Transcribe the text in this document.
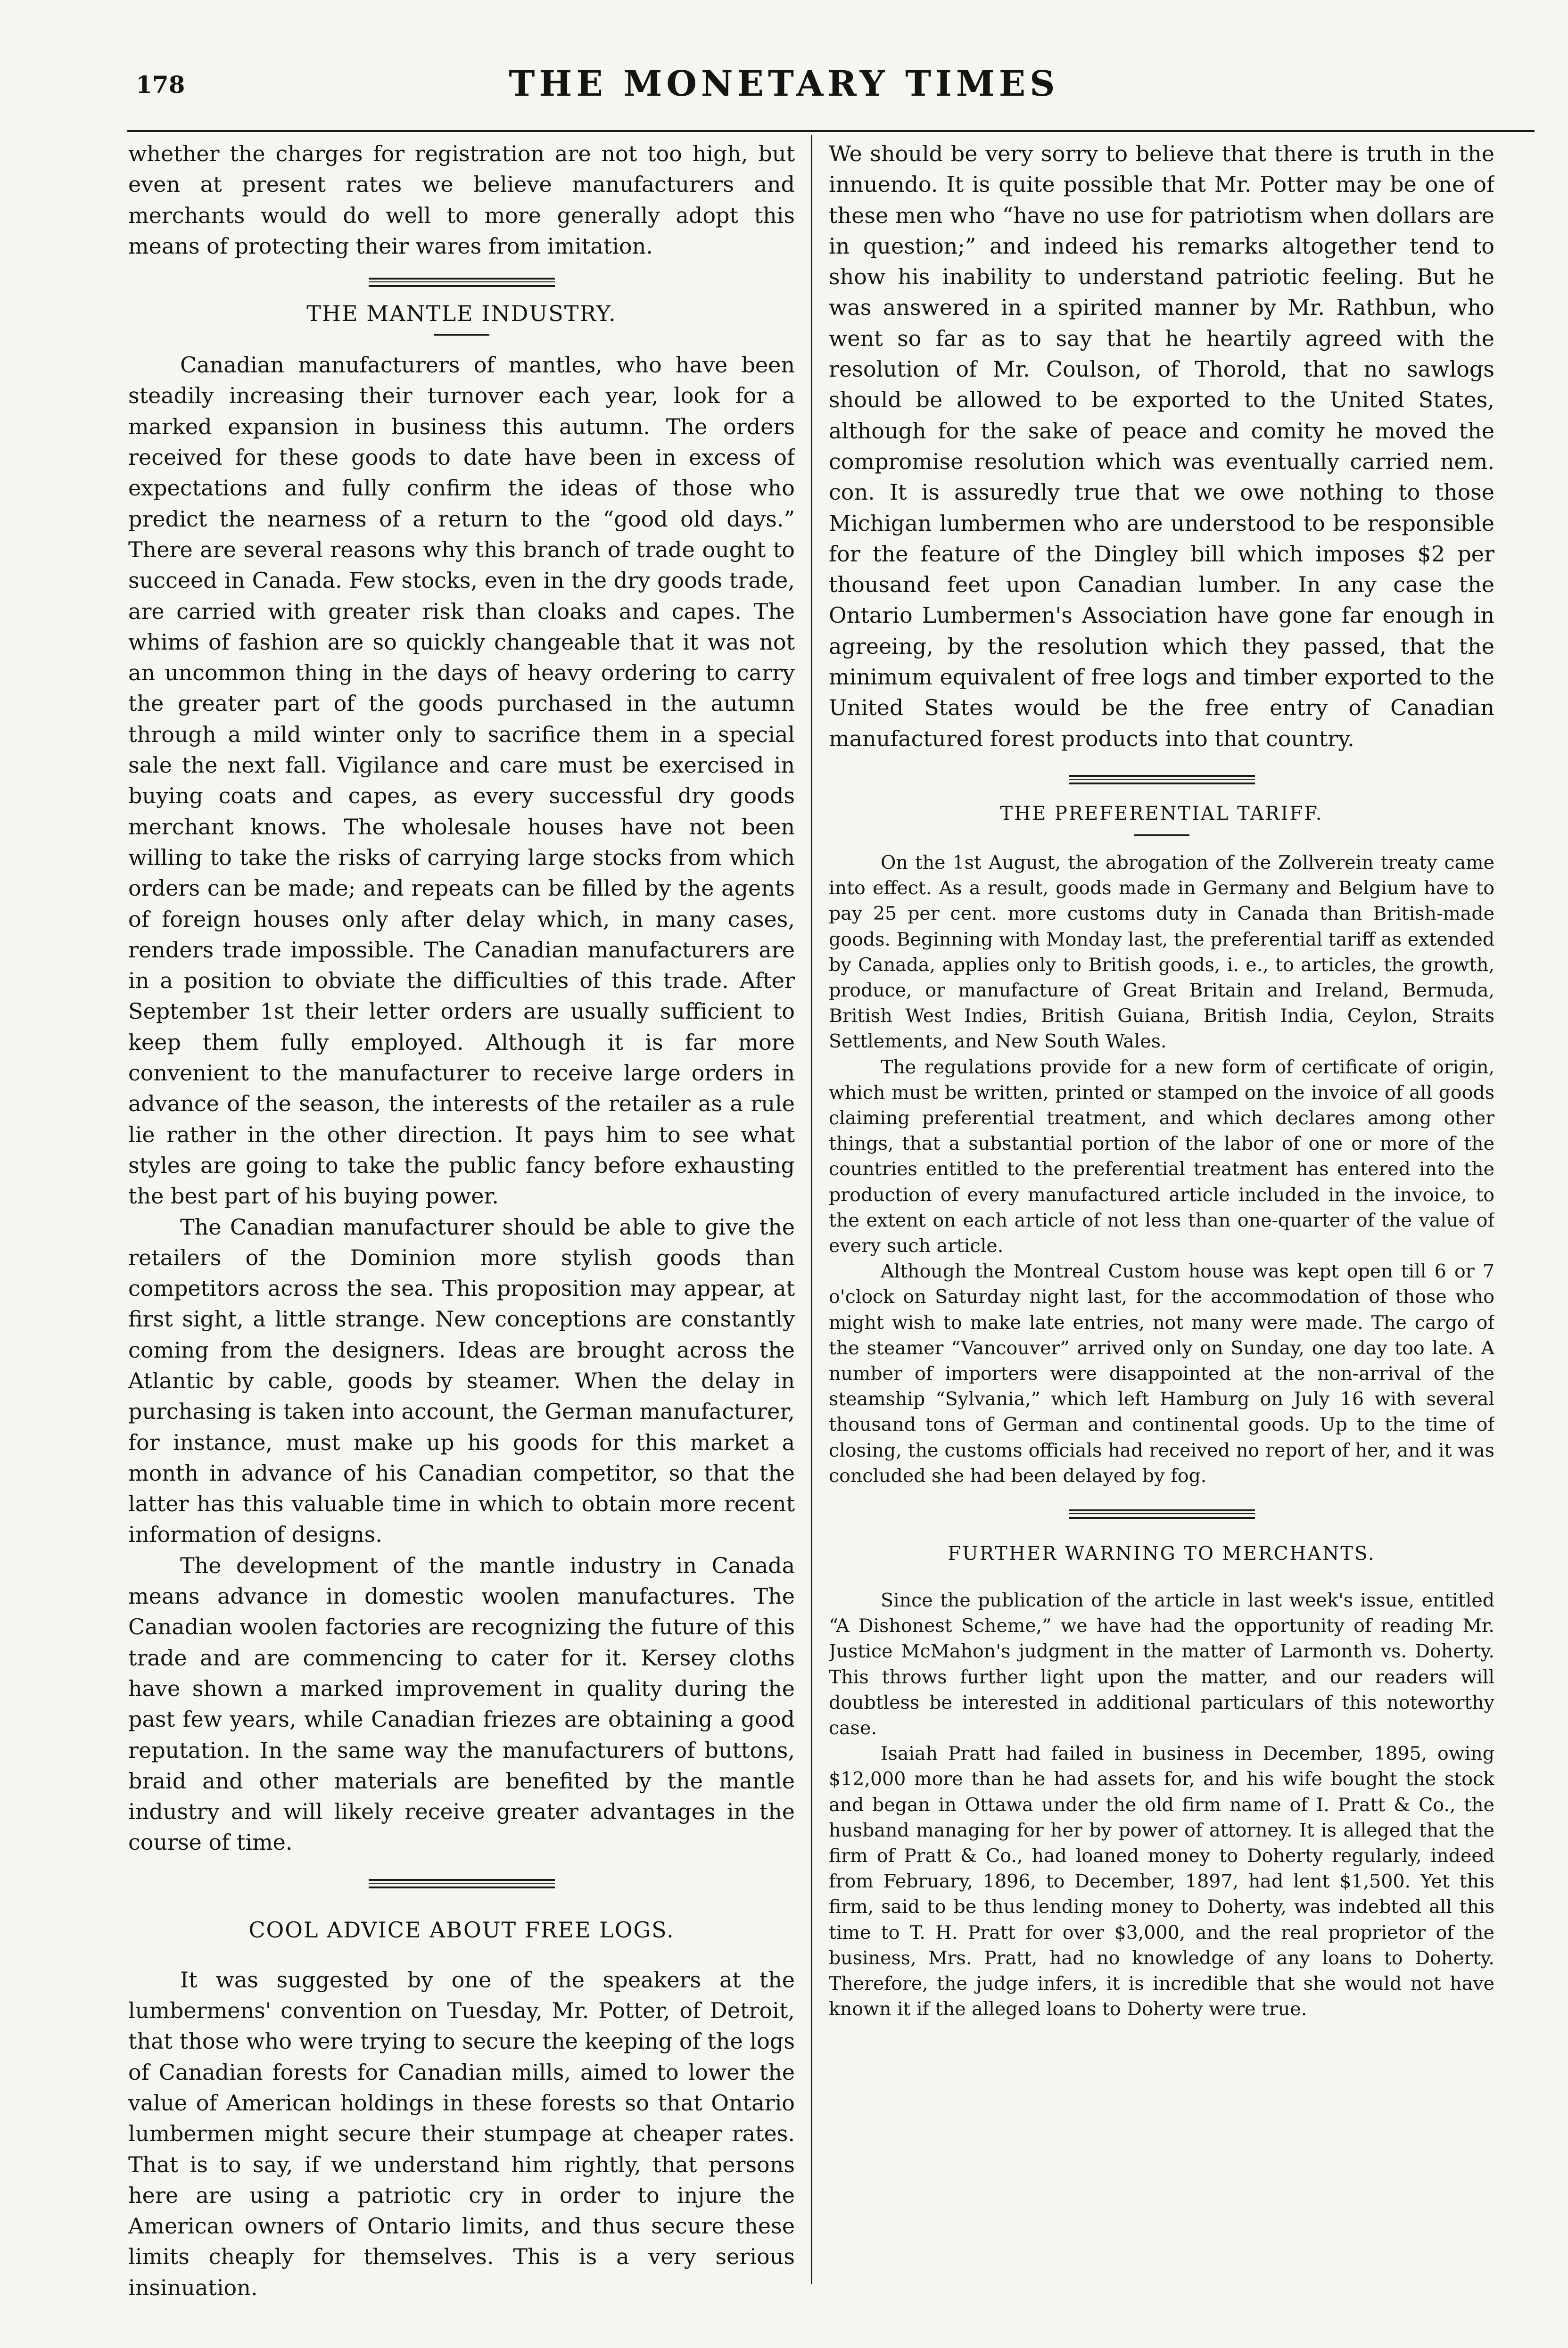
178	THE MONETARY TIMES

whether the charges for registration are not too high, but even at present rates we believe manufacturers and merchants would do well to more generally adopt this means of protecting their wares from imitation.

THE MANTLE INDUSTRY.

Canadian manufacturers of mantles, who have been steadily increasing their turnover each year, look for a marked expansion in business this autumn. The orders received for these goods to date have been in excess of expectations and fully confirm the ideas of those who predict the nearness of a return to the “good old days.” There are several reasons why this branch of trade ought to succeed in Canada. Few stocks, even in the dry goods trade, are carried with greater risk than cloaks and capes. The whims of fashion are so quickly changeable that it was not an uncommon thing in the days of heavy ordering to carry the greater part of the goods purchased in the autumn through a mild winter only to sacrifice them in a special sale the next fall. Vigilance and care must be exercised in buying coats and capes, as every successful dry goods merchant knows. The wholesale houses have not been willing to take the risks of carrying large stocks from which orders can be made; and repeats can be filled by the agents of foreign houses only after delay which, in many cases, renders trade impossible. The Canadian manufacturers are in a position to obviate the difficulties of this trade. After September 1st their letter orders are usually sufficient to keep them fully employed. Although it is far more convenient to the manufacturer to receive large orders in advance of the season, the interests of the retailer as a rule lie rather in the other direction. It pays him to see what styles are going to take the public fancy before exhausting the best part of his buying power.

The Canadian manufacturer should be able to give the retailers of the Dominion more stylish goods than competitors across the sea. This proposition may appear, at first sight, a little strange. New conceptions are constantly coming from the designers. Ideas are brought across the Atlantic by cable, goods by steamer. When the delay in purchasing is taken into account, the German manufacturer, for instance, must make up his goods for this market a month in advance of his Canadian competitor, so that the latter has this valuable time in which to obtain more recent information of designs.

The development of the mantle industry in Canada means advance in domestic woolen manufactures. The Canadian woolen factories are recognizing the future of this trade and are commencing to cater for it. Kersey cloths have shown a marked improvement in quality during the past few years, while Canadian friezes are obtaining a good reputation. In the same way the manufacturers of buttons, braid and other materials are benefited by the mantle industry and will likely receive greater advantages in the course of time.

COOL ADVICE ABOUT FREE LOGS.

It was suggested by one of the speakers at the lumbermens' convention on Tuesday, Mr. Potter, of Detroit, that those who were trying to secure the keeping of the logs of Canadian forests for Canadian mills, aimed to lower the value of American holdings in these forests so that Ontario lumbermen might secure their stumpage at cheaper rates. That is to say, if we understand him rightly, that persons here are using a patriotic cry in order to injure the American owners of Ontario limits, and thus secure these limits cheaply for themselves. This is a very serious insinuation.

We should be very sorry to believe that there is truth in the innuendo. It is quite possible that Mr. Potter may be one of these men who “have no use for patriotism when dollars are in question;” and indeed his remarks altogether tend to show his inability to understand patriotic feeling. But he was answered in a spirited manner by Mr. Rathbun, who went so far as to say that he heartily agreed with the resolution of Mr. Coulson, of Thorold, that no sawlogs should be allowed to be exported to the United States, although for the sake of peace and comity he moved the compromise resolution which was eventually carried nem. con. It is assuredly true that we owe nothing to those Michigan lumbermen who are understood to be responsible for the feature of the Dingley bill which imposes $2 per thousand feet upon Canadian lumber. In any case the Ontario Lumbermen's Association have gone far enough in agreeing, by the resolution which they passed, that the minimum equivalent of free logs and timber exported to the United States would be the free entry of Canadian manufactured forest products into that country.

THE PREFERENTIAL TARIFF.

On the 1st August, the abrogation of the Zollverein treaty came into effect. As a result, goods made in Germany and Belgium have to pay 25 per cent. more customs duty in Canada than British-made goods. Beginning with Monday last, the preferential tariff as extended by Canada, applies only to British goods, i. e., to articles, the growth, produce, or manufacture of Great Britain and Ireland, Bermuda, British West Indies, British Guiana, British India, Ceylon, Straits Settlements, and New South Wales.

The regulations provide for a new form of certificate of origin, which must be written, printed or stamped on the invoice of all goods claiming preferential treatment, and which declares among other things, that a substantial portion of the labor of one or more of the countries entitled to the preferential treatment has entered into the production of every manufactured article included in the invoice, to the extent on each article of not less than one-quarter of the value of every such article.

Although the Montreal Custom house was kept open till 6 or 7 o'clock on Saturday night last, for the accommodation of those who might wish to make late entries, not many were made. The cargo of the steamer “Vancouver” arrived only on Sunday, one day too late. A number of importers were disappointed at the non-arrival of the steamship “Sylvania,” which left Hamburg on July 16 with several thousand tons of German and continental goods. Up to the time of closing, the customs officials had received no report of her, and it was concluded she had been delayed by fog.

FURTHER WARNING TO MERCHANTS.

Since the publication of the article in last week's issue, entitled “A Dishonest Scheme,” we have had the opportunity of reading Mr. Justice McMahon's judgment in the matter of Larmonth vs. Doherty. This throws further light upon the matter, and our readers will doubtless be interested in additional particulars of this noteworthy case.

Isaiah Pratt had failed in business in December, 1895, owing $12,000 more than he had assets for, and his wife bought the stock and began in Ottawa under the old firm name of I. Pratt & Co., the husband managing for her by power of attorney. It is alleged that the firm of Pratt & Co., had loaned money to Doherty regularly, indeed from February, 1896, to December, 1897, had lent $1,500. Yet this firm, said to be thus lending money to Doherty, was indebted all this time to T. H. Pratt for over $3,000, and the real proprietor of the business, Mrs. Pratt, had no knowledge of any loans to Doherty. Therefore, the judge infers, it is incredible that she would not have known it if the alleged loans to Doherty were true.
